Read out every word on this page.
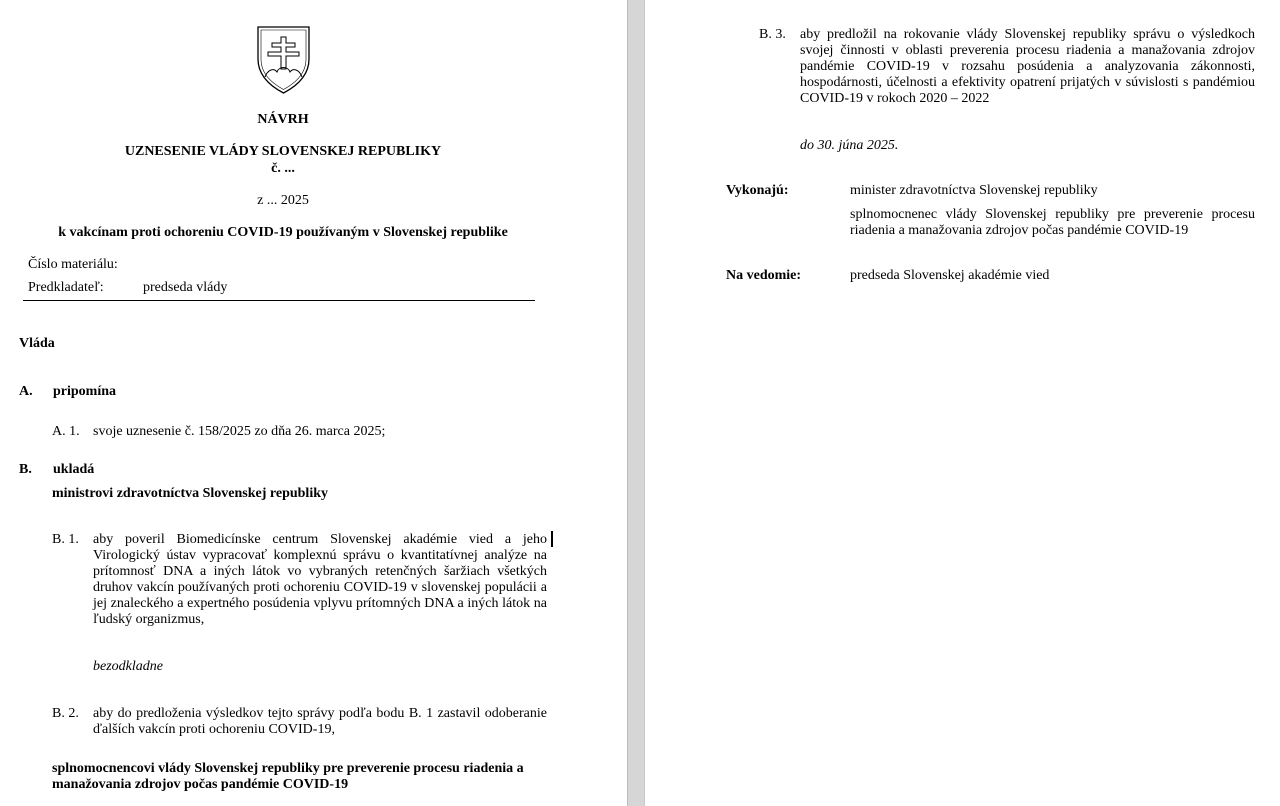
NÁVRH
UZNESENIE VLÁDY SLOVENSKEJ REPUBLIKY
č. ...
z ... 2025
k vakcínam proti ochoreniu COVID-19 používaným v Slovenskej republike
Číslo materiálu:
Predkladateľ:	predseda vlády
Vláda
A. pripomína
A. 1. svoje uznesenie č. 158/2025 zo dňa 26. marca 2025;
B. ukladá
ministrovi zdravotníctva Slovenskej republiky
B. 1. aby poveril Biomedicínske centrum Slovenskej akadémie vied a jeho Virologický ústav vypracovať komplexnú správu o kvantitatívnej analýze na prítomnosť DNA a iných látok vo vybraných retenčných šaržiach všetkých druhov vakcín používaných proti ochoreniu COVID-19 v slovenskej populácii a jej znaleckého a expertného posúdenia vplyvu prítomných DNA a iných látok na ľudský organizmus,
bezodkladne
B. 2. aby do predloženia výsledkov tejto správy podľa bodu B. 1 zastavil odoberanie ďalších vakcín proti ochoreniu COVID-19,
splnomocnencovi vlády Slovenskej republiky pre preverenie procesu riadenia a manažovania zdrojov počas pandémie COVID-19
B. 3. aby predložil na rokovanie vlády Slovenskej republiky správu o výsledkoch svojej činnosti v oblasti preverenia procesu riadenia a manažovania zdrojov pandémie COVID-19 v rozsahu posúdenia a analyzovania zákonnosti, hospodárnosti, účelnosti a efektivity opatrení prijatých v súvislosti s pandémiou COVID-19 v rokoch 2020 – 2022
do 30. júna 2025.
Vykonajú:	minister zdravotníctva Slovenskej republiky
splnomocnenec vlády Slovenskej republiky pre preverenie procesu riadenia a manažovania zdrojov počas pandémie COVID-19
Na vedomie:	predseda Slovenskej akadémie vied
